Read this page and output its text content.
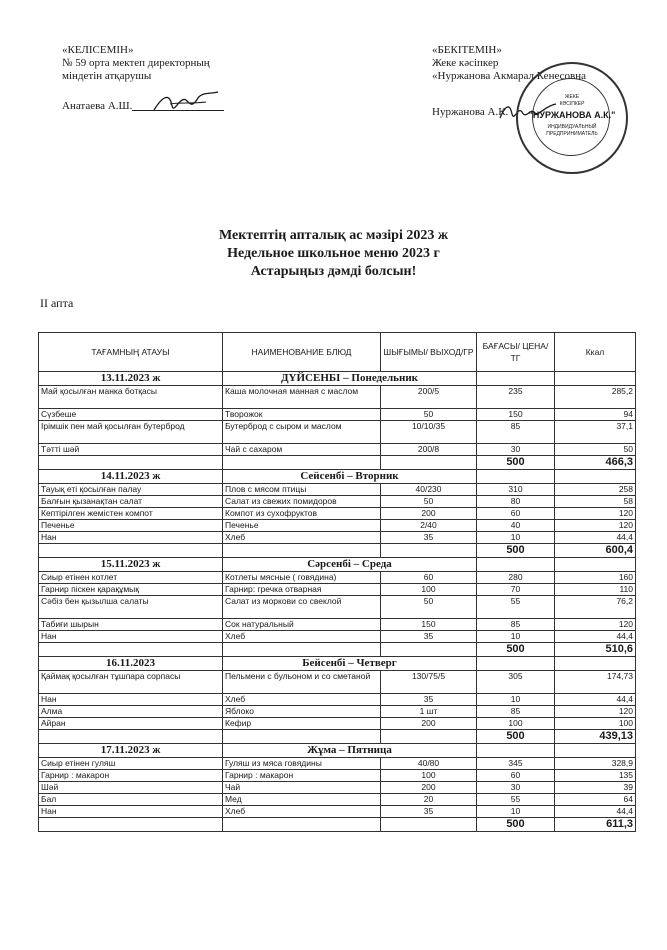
«КЕЛІСЕМІН»
№ 59 орта мектеп директорның
міндетін атқарушы
Анатаева А.Ш.
«БЕКІТЕМІН»
Жеке кәсіпкер
«Нуржанова Акмарал Кенесовна
Нуржанова А.К.
ЖЕКЕ
КӘСІПКЕР
"НУРЖАНОВА А.К."
ИНДИВИДУАЛЬНЫЙ
ПРЕДПРИНИМАТЕЛЬ
Мектептің апталық ас мәзірі 2023 ж
Недельное школьное меню 2023 г
Астарыңыз дәмді болсын!
II апта
ТАҒАМНЫҢ АТАУЫ	НАИМЕНОВАНИЕ БЛЮД	ШЫҒЫМЫ/ ВЫХОД/ГР	БАҒАСЫ/ ЦЕНА/ТГ	Ккал
13.11.2023 ж	ДҮЙСЕНБІ – Понедельник			
Май қосылған манка ботқасы	Каша молочная манная с маслом	200/5	235	285,2
Сүзбеше	Творожок	50	150	94
Ірімшік пен май қосылған бутерброд	Бутерброд с сыром и маслом	10/10/35	85	37,1
Тәтті шәй	Чай с сахаром	200/8	30	50
			500	466,3
14.11.2023 ж	Сейсенбі – Вторник			
Тауық еті қосылған палау	Плов с мясом птицы	40/230	310	258
Балғын қызанақтан салат	Салат из свежих помидоров	50	80	58
Кептірілген жемістен компот	Компот из сухофруктов	200	60	120
Печенье	Печенье	2/40	40	120
Нан	Хлеб	35	10	44,4
			500	600,4
15.11.2023 ж	Сәрсенбі – Среда			
Сиыр етінен котлет	Котлеты мясные ( говядина)	60	280	160
Гарнир піскен қарақұмық	Гарнир: гречка отварная	100	70	110
Сәбіз бен қызылша салаты	Салат из моркови со свеклой	50	55	76,2
Табиғи шырын	Сок натуральный	150	85	120
Нан	Хлеб	35	10	44,4
			500	510,6
16.11.2023	Бейсенбі – Четверг			
Қаймақ қосылған тұшпара сорпасы	Пельмени с бульоном и со сметаной	130/75/5	305	174,73
Нан	Хлеб	35	10	44,4
Алма	Яблоко	1 шт	85	120
Айран	Кефир	200	100	100
			500	439,13
17.11.2023 ж	Жұма – Пятница			
Сиыр етінен гуляш	Гуляш из мяса говядины	40/80	345	328,9
Гарнир : макарон	Гарнир : макарон	100	60	135
Шәй	Чай	200	30	39
Бал	Мед	20	55	64
Нан	Хлеб	35	10	44,4
			500	611,3
